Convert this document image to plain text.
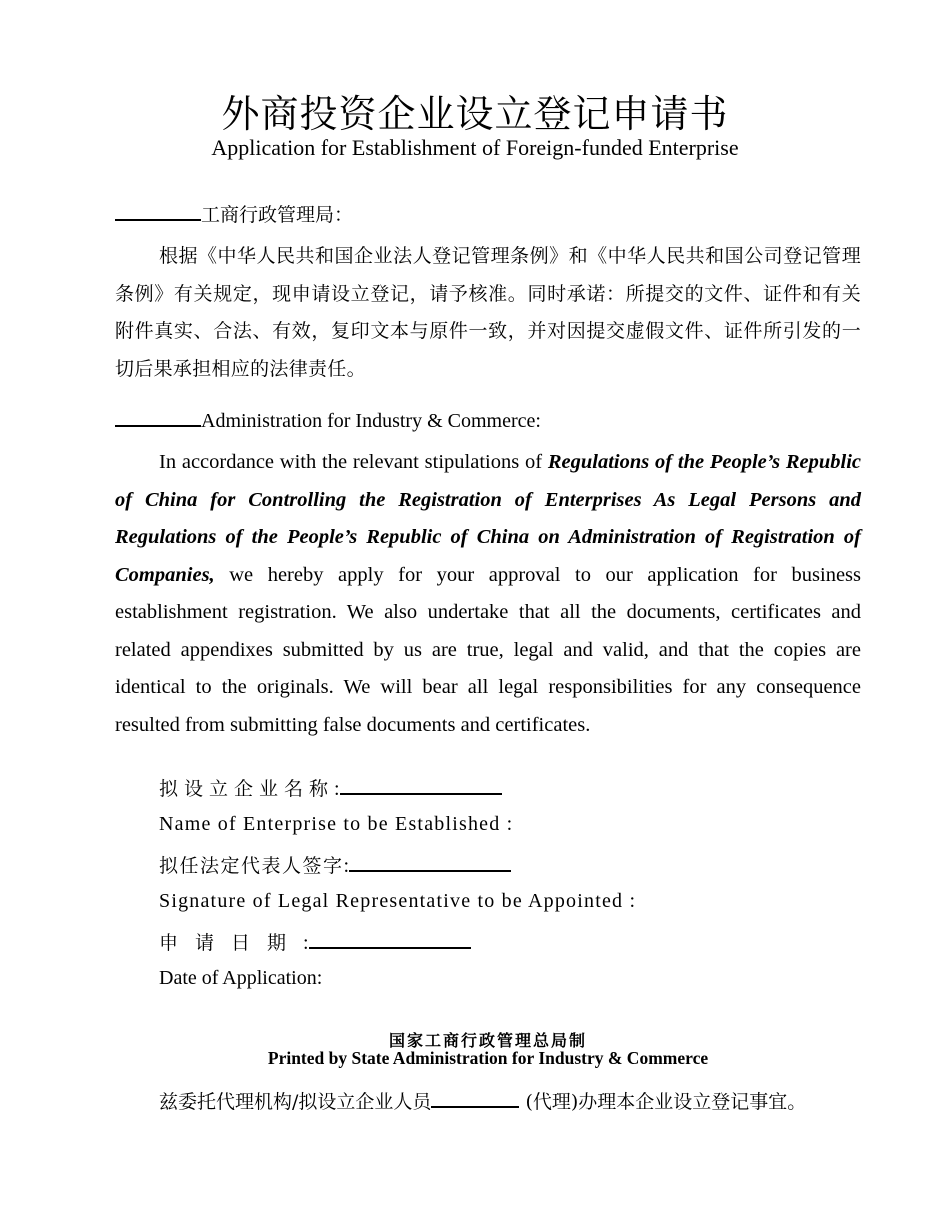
外商投资企业设立登记申请书
Application for Establishment of Foreign-funded Enterprise
工商行政管理局：
根据《中华人民共和国企业法人登记管理条例》和《中华人民共和国公司登记管理条例》有关规定，现申请设立登记，请予核准。同时承诺：所提交的文件、证件和有关附件真实、合法、有效，复印文本与原件一致，并对因提交虚假文件、证件所引发的一切后果承担相应的法律责任。
Administration for Industry & Commerce:
In accordance with the relevant stipulations of Regulations of the People’s Republic of China for Controlling the Registration of Enterprises As Legal Persons and Regulations of the People’s Republic of China on Administration of Registration of Companies, we hereby apply for your approval to our application for business establishment registration. We also undertake that all the documents, certificates and related appendixes submitted by us are true, legal and valid, and that the copies are identical to the originals. We will bear all legal responsibilities for any consequence resulted from submitting false documents and certificates.
拟设立企业名称:
Name of Enterprise to be Established :
拟任法定代表人签字:
Signature of Legal Representative to be Appointed :
申请日期:
Date of Application:
国家工商行政管理总局制
Printed by State Administration for Industry & Commerce
兹委托代理机构/拟设立企业人员	(代理)办理本企业设立登记事宜。
